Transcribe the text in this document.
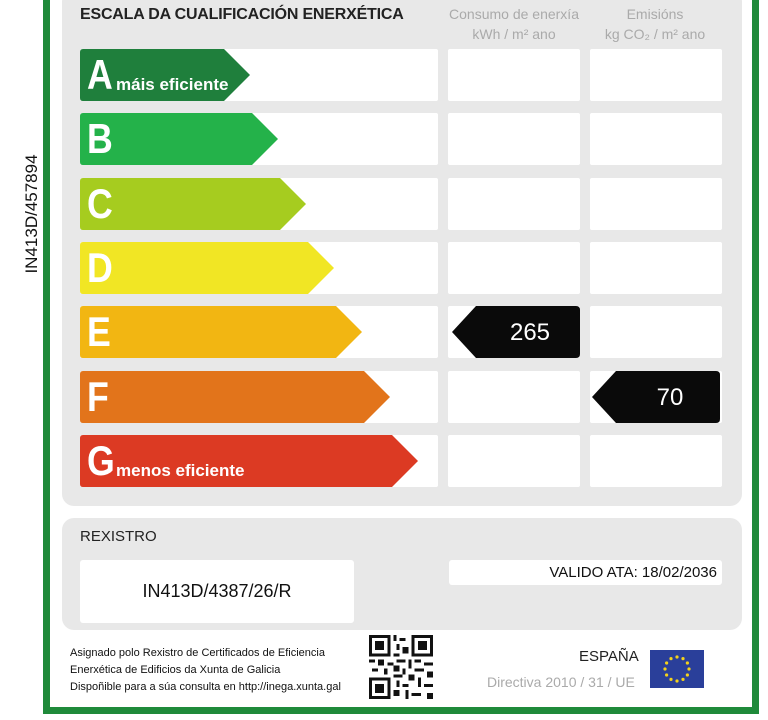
IN413D/457894
ESCALA DA CUALIFICACIÓN ENERXÉTICA	Consumo de enerxía
kWh / m² ano
Emisións
kg CO₂ / m² ano
A máis eficiente
B
C
D
E
F
G menos eficiente
265
70
REXISTRO
IN413D/4387/26/R
VALIDO ATA: 18/02/2036
Asignado polo Rexistro de Certificados de Eficiencia
Enerxética de Edificios da Xunta de Galicia
Dispoñible para a súa consulta en http://inega.xunta.gal
ESPAÑA
Directiva 2010 / 31 / UE
